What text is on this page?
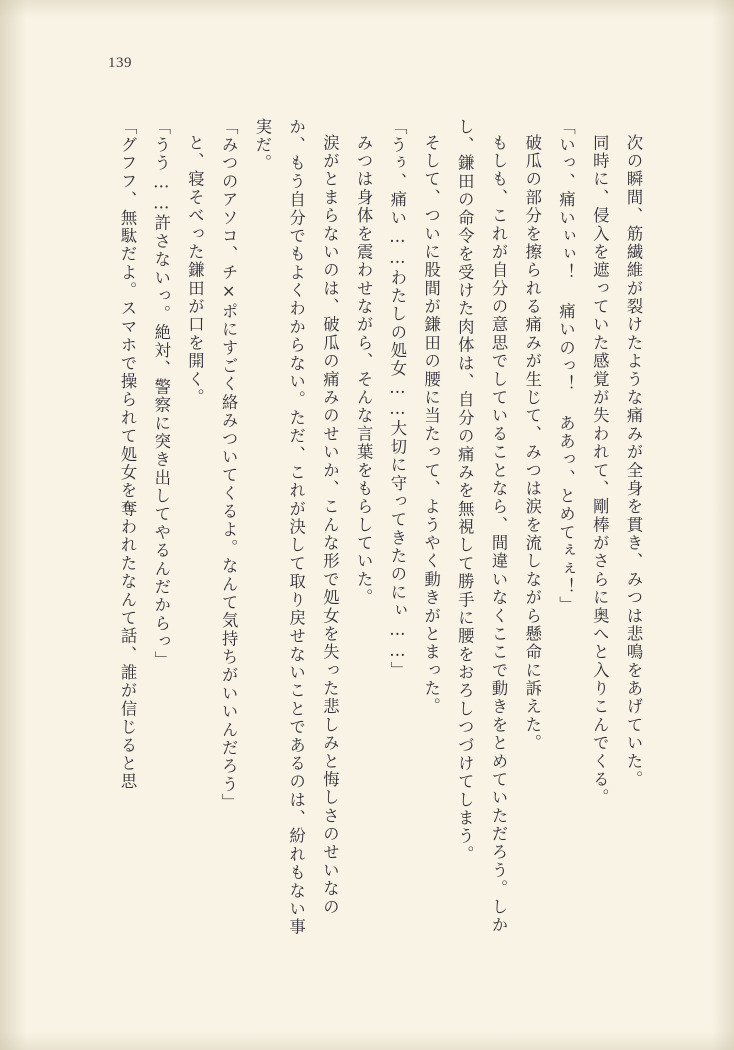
139

次の瞬間、筋繊維が裂けたような痛みが全身を貫き、みつは悲鳴をあげていた。

同時に、侵入を遮っていた感覚が失われて、剛棒がさらに奥へと入りこんでくる。

「いっ、痛いぃぃ！ 痛いのっ！ ああっ、とめてぇぇ！」

破瓜の部分を擦られる痛みが生じて、みつは涙を流しながら懸命に訴えた。

もしも、これが自分の意思でしていることなら、間違いなくここで動きをとめていただろう。しかし、鎌田の命令を受けた肉体は、自分の痛みを無視して勝手に腰をおろしつづけてしまう。

そして、ついに股間が鎌田の腰に当たって、ようやく動きがとまった。

「うぅ、痛い……わたしの処女……大切に守ってきたのにぃ……」

みつは身体を震わせながら、そんな言葉をもらしていた。

涙がとまらないのは、破瓜の痛みのせいか、こんな形で処女を失った悲しみと悔しさのせいなのか、もう自分でもよくわからない。ただ、これが決して取り戻せないことであるのは、紛れもない事実だ。

「みつのアソコ、チ×ポにすごく絡みついてくるよ。なんて気持ちがいいんだろう」

と、寝そべった鎌田が口を開く。

「うう……許さないっ。絶対、警察に突き出してやるんだからっ」

「グフフ、無駄だよ。スマホで操られて処女を奪われたなんて話、誰が信じると思
